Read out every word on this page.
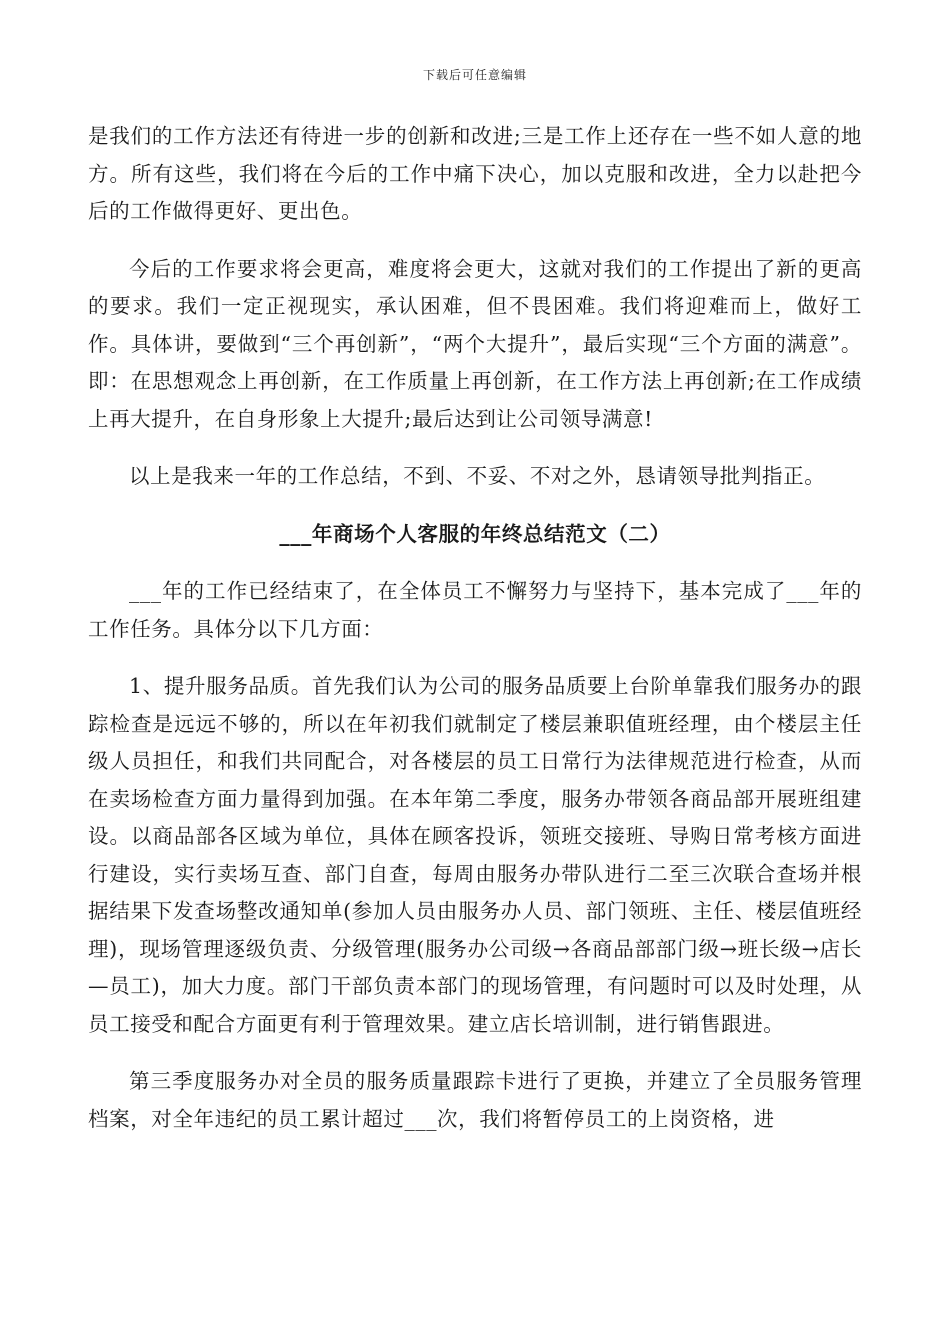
下载后可任意编辑

是我们的工作方法还有待进一步的创新和改进;三是工作上还存在一些不如人意的地方。所有这些，我们将在今后的工作中痛下决心，加以克服和改进，全力以赴把今后的工作做得更好、更出色。

今后的工作要求将会更高，难度将会更大，这就对我们的工作提出了新的更高的要求。我们一定正视现实，承认困难，但不畏困难。我们将迎难而上，做好工作。具体讲，要做到“三个再创新”，“两个大提升”，最后实现“三个方面的满意”。即：在思想观念上再创新，在工作质量上再创新，在工作方法上再创新;在工作成绩上再大提升，在自身形象上大提升;最后达到让公司领导满意!

以上是我来一年的工作总结，不到、不妥、不对之外，恳请领导批判指正。

___年商场个人客服的年终总结范文（二）

___年的工作已经结束了，在全体员工不懈努力与坚持下，基本完成了___年的工作任务。具体分以下几方面：

1、提升服务品质。首先我们认为公司的服务品质要上台阶单靠我们服务办的跟踪检查是远远不够的，所以在年初我们就制定了楼层兼职值班经理，由个楼层主任级人员担任，和我们共同配合，对各楼层的员工日常行为法律规范进行检查，从而在卖场检查方面力量得到加强。在本年第二季度，服务办带领各商品部开展班组建设。以商品部各区域为单位，具体在顾客投诉，领班交接班、导购日常考核方面进行建设，实行卖场互查、部门自查，每周由服务办带队进行二至三次联合查场并根据结果下发查场整改通知单(参加人员由服务办人员、部门领班、主任、楼层值班经理)，现场管理逐级负责、分级管理(服务办公司级→各商品部部门级→班长级→店长—员工)，加大力度。部门干部负责本部门的现场管理，有问题时可以及时处理，从员工接受和配合方面更有利于管理效果。建立店长培训制，进行销售跟进。

第三季度服务办对全员的服务质量跟踪卡进行了更换，并建立了全员服务管理档案，对全年违纪的员工累计超过___次，我们将暂停员工的上岗资格，进
